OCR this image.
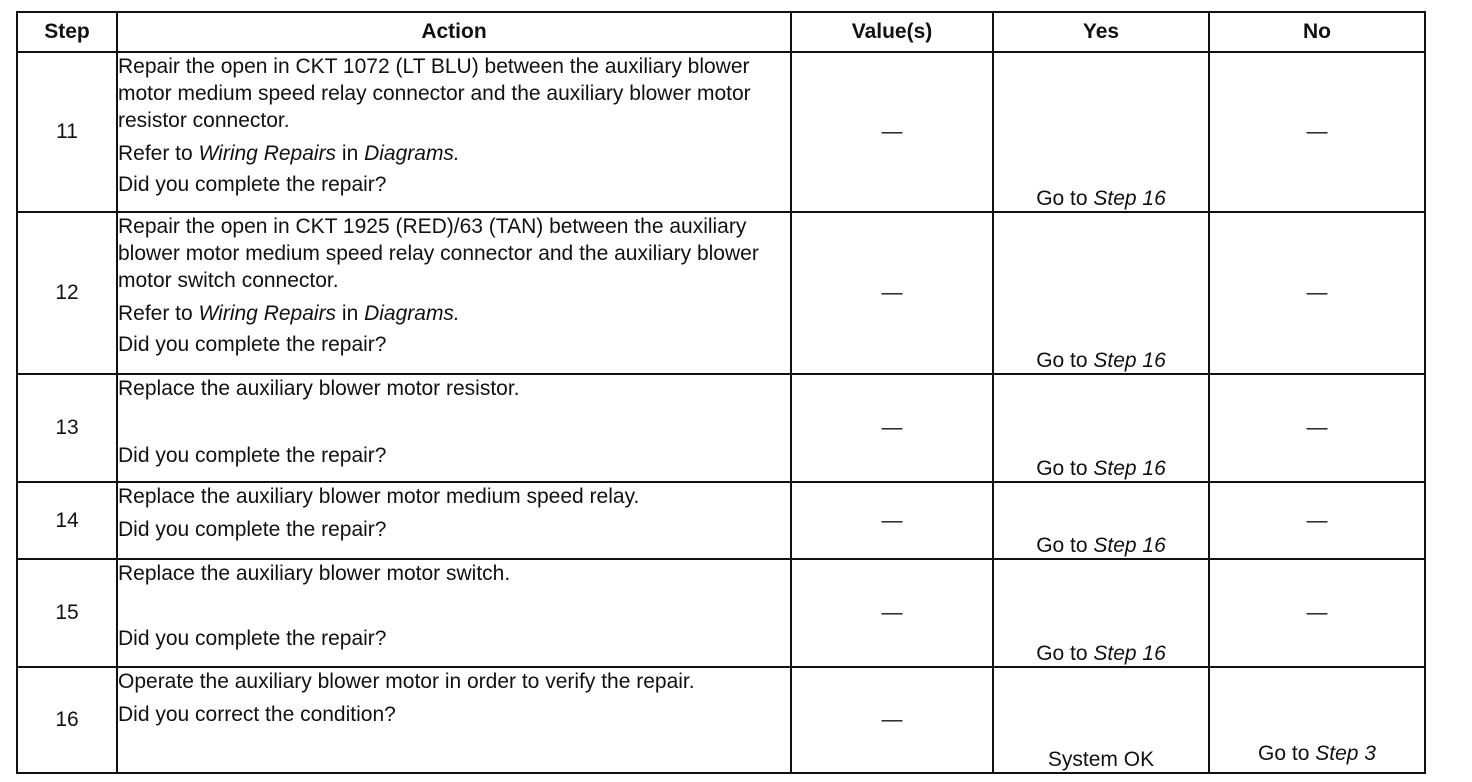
Step	Action	Value(s)	Yes	No
11	Repair the open in CKT 1072 (LT BLU) between the auxiliary blower motor medium speed relay connector and the auxiliary blower motor resistor connector.
Refer to Wiring Repairs in Diagrams.
Did you complete the repair?	—	Go to Step 16	—
12	Repair the open in CKT 1925 (RED)/63 (TAN) between the auxiliary blower motor medium speed relay connector and the auxiliary blower motor switch connector.
Refer to Wiring Repairs in Diagrams.
Did you complete the repair?	—	Go to Step 16	—
13	Replace the auxiliary blower motor resistor.
Did you complete the repair?	—	Go to Step 16	—
14	Replace the auxiliary blower motor medium speed relay.
Did you complete the repair?	—	Go to Step 16	—
15	Replace the auxiliary blower motor switch.
Did you complete the repair?	—	Go to Step 16	—
16	Operate the auxiliary blower motor in order to verify the repair.
Did you correct the condition?	—	System OK	Go to Step 3
